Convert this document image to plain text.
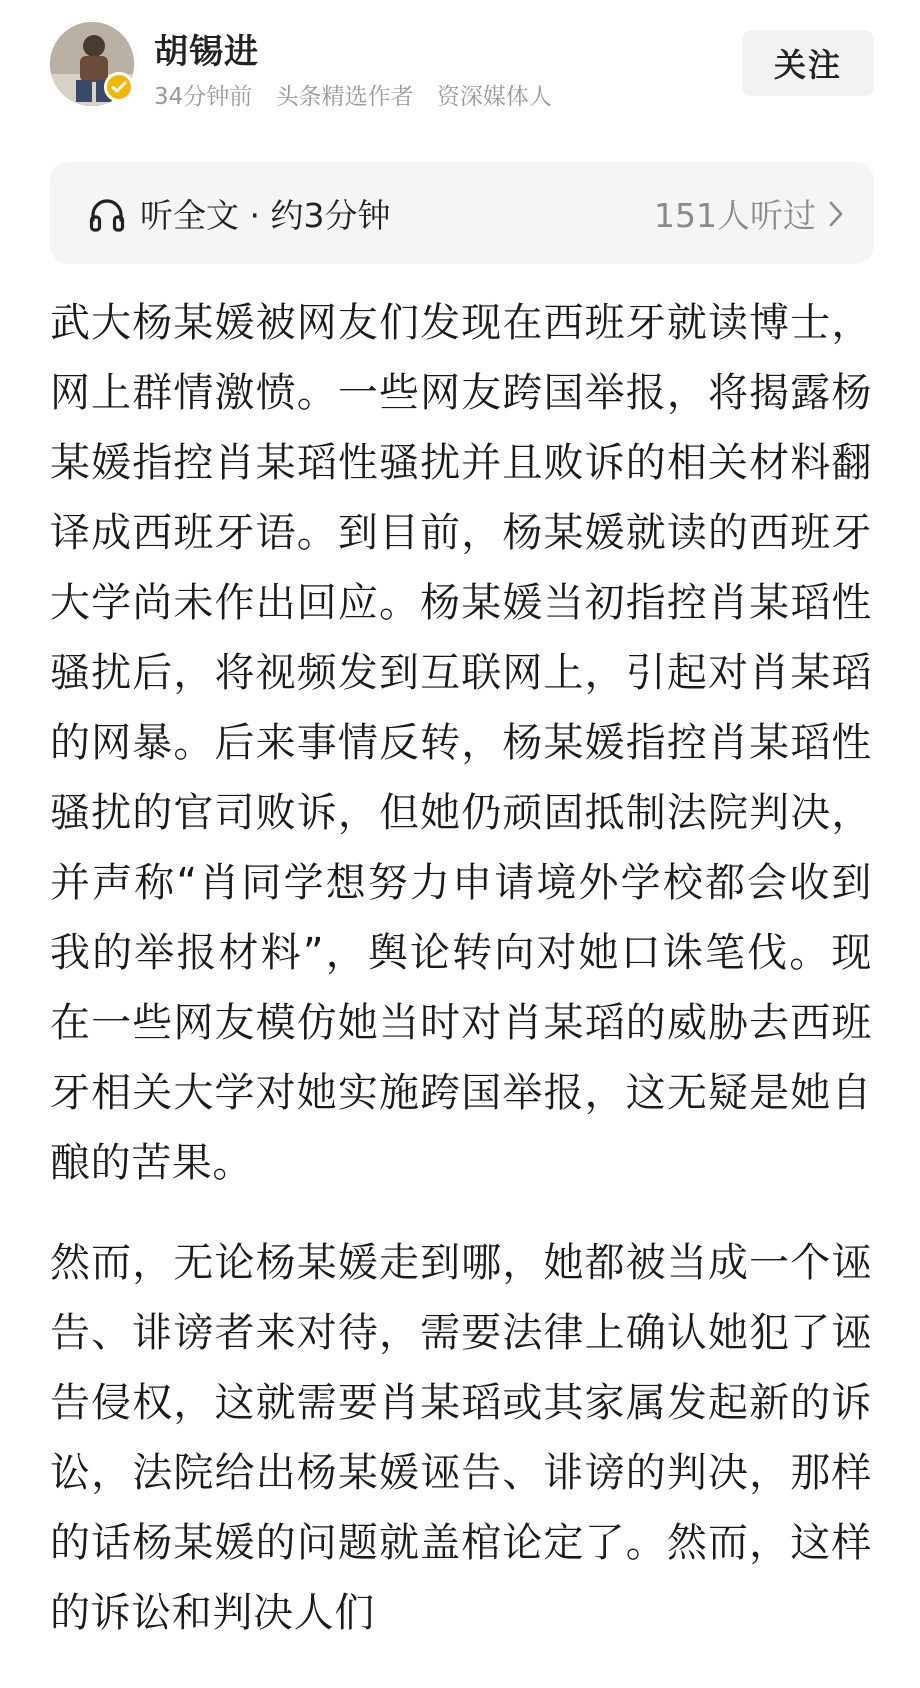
胡锡进
34分钟前 头条精选作者 资深媒体人
关注
听全文 · 约3分钟	151人听过

武大杨某媛被网友们发现在西班牙就读博士，网上群情激愤。一些网友跨国举报，将揭露杨某媛指控肖某瑫性骚扰并且败诉的相关材料翻译成西班牙语。到目前，杨某媛就读的西班牙大学尚未作出回应。杨某媛当初指控肖某瑫性骚扰后，将视频发到互联网上，引起对肖某瑫的网暴。后来事情反转，杨某媛指控肖某瑫性骚扰的官司败诉，但她仍顽固抵制法院判决，并声称“肖同学想努力申请境外学校都会收到我的举报材料”，舆论转向对她口诛笔伐。现在一些网友模仿她当时对肖某瑫的威胁去西班牙相关大学对她实施跨国举报，这无疑是她自酿的苦果。

然而，无论杨某媛走到哪，她都被当成一个诬告、诽谤者来对待，需要法律上确认她犯了诬告侵权，这就需要肖某瑫或其家属发起新的诉讼，法院给出杨某媛诬告、诽谤的判决，那样的话杨某媛的问题就盖棺论定了。然而，这样的诉讼和判决人们
